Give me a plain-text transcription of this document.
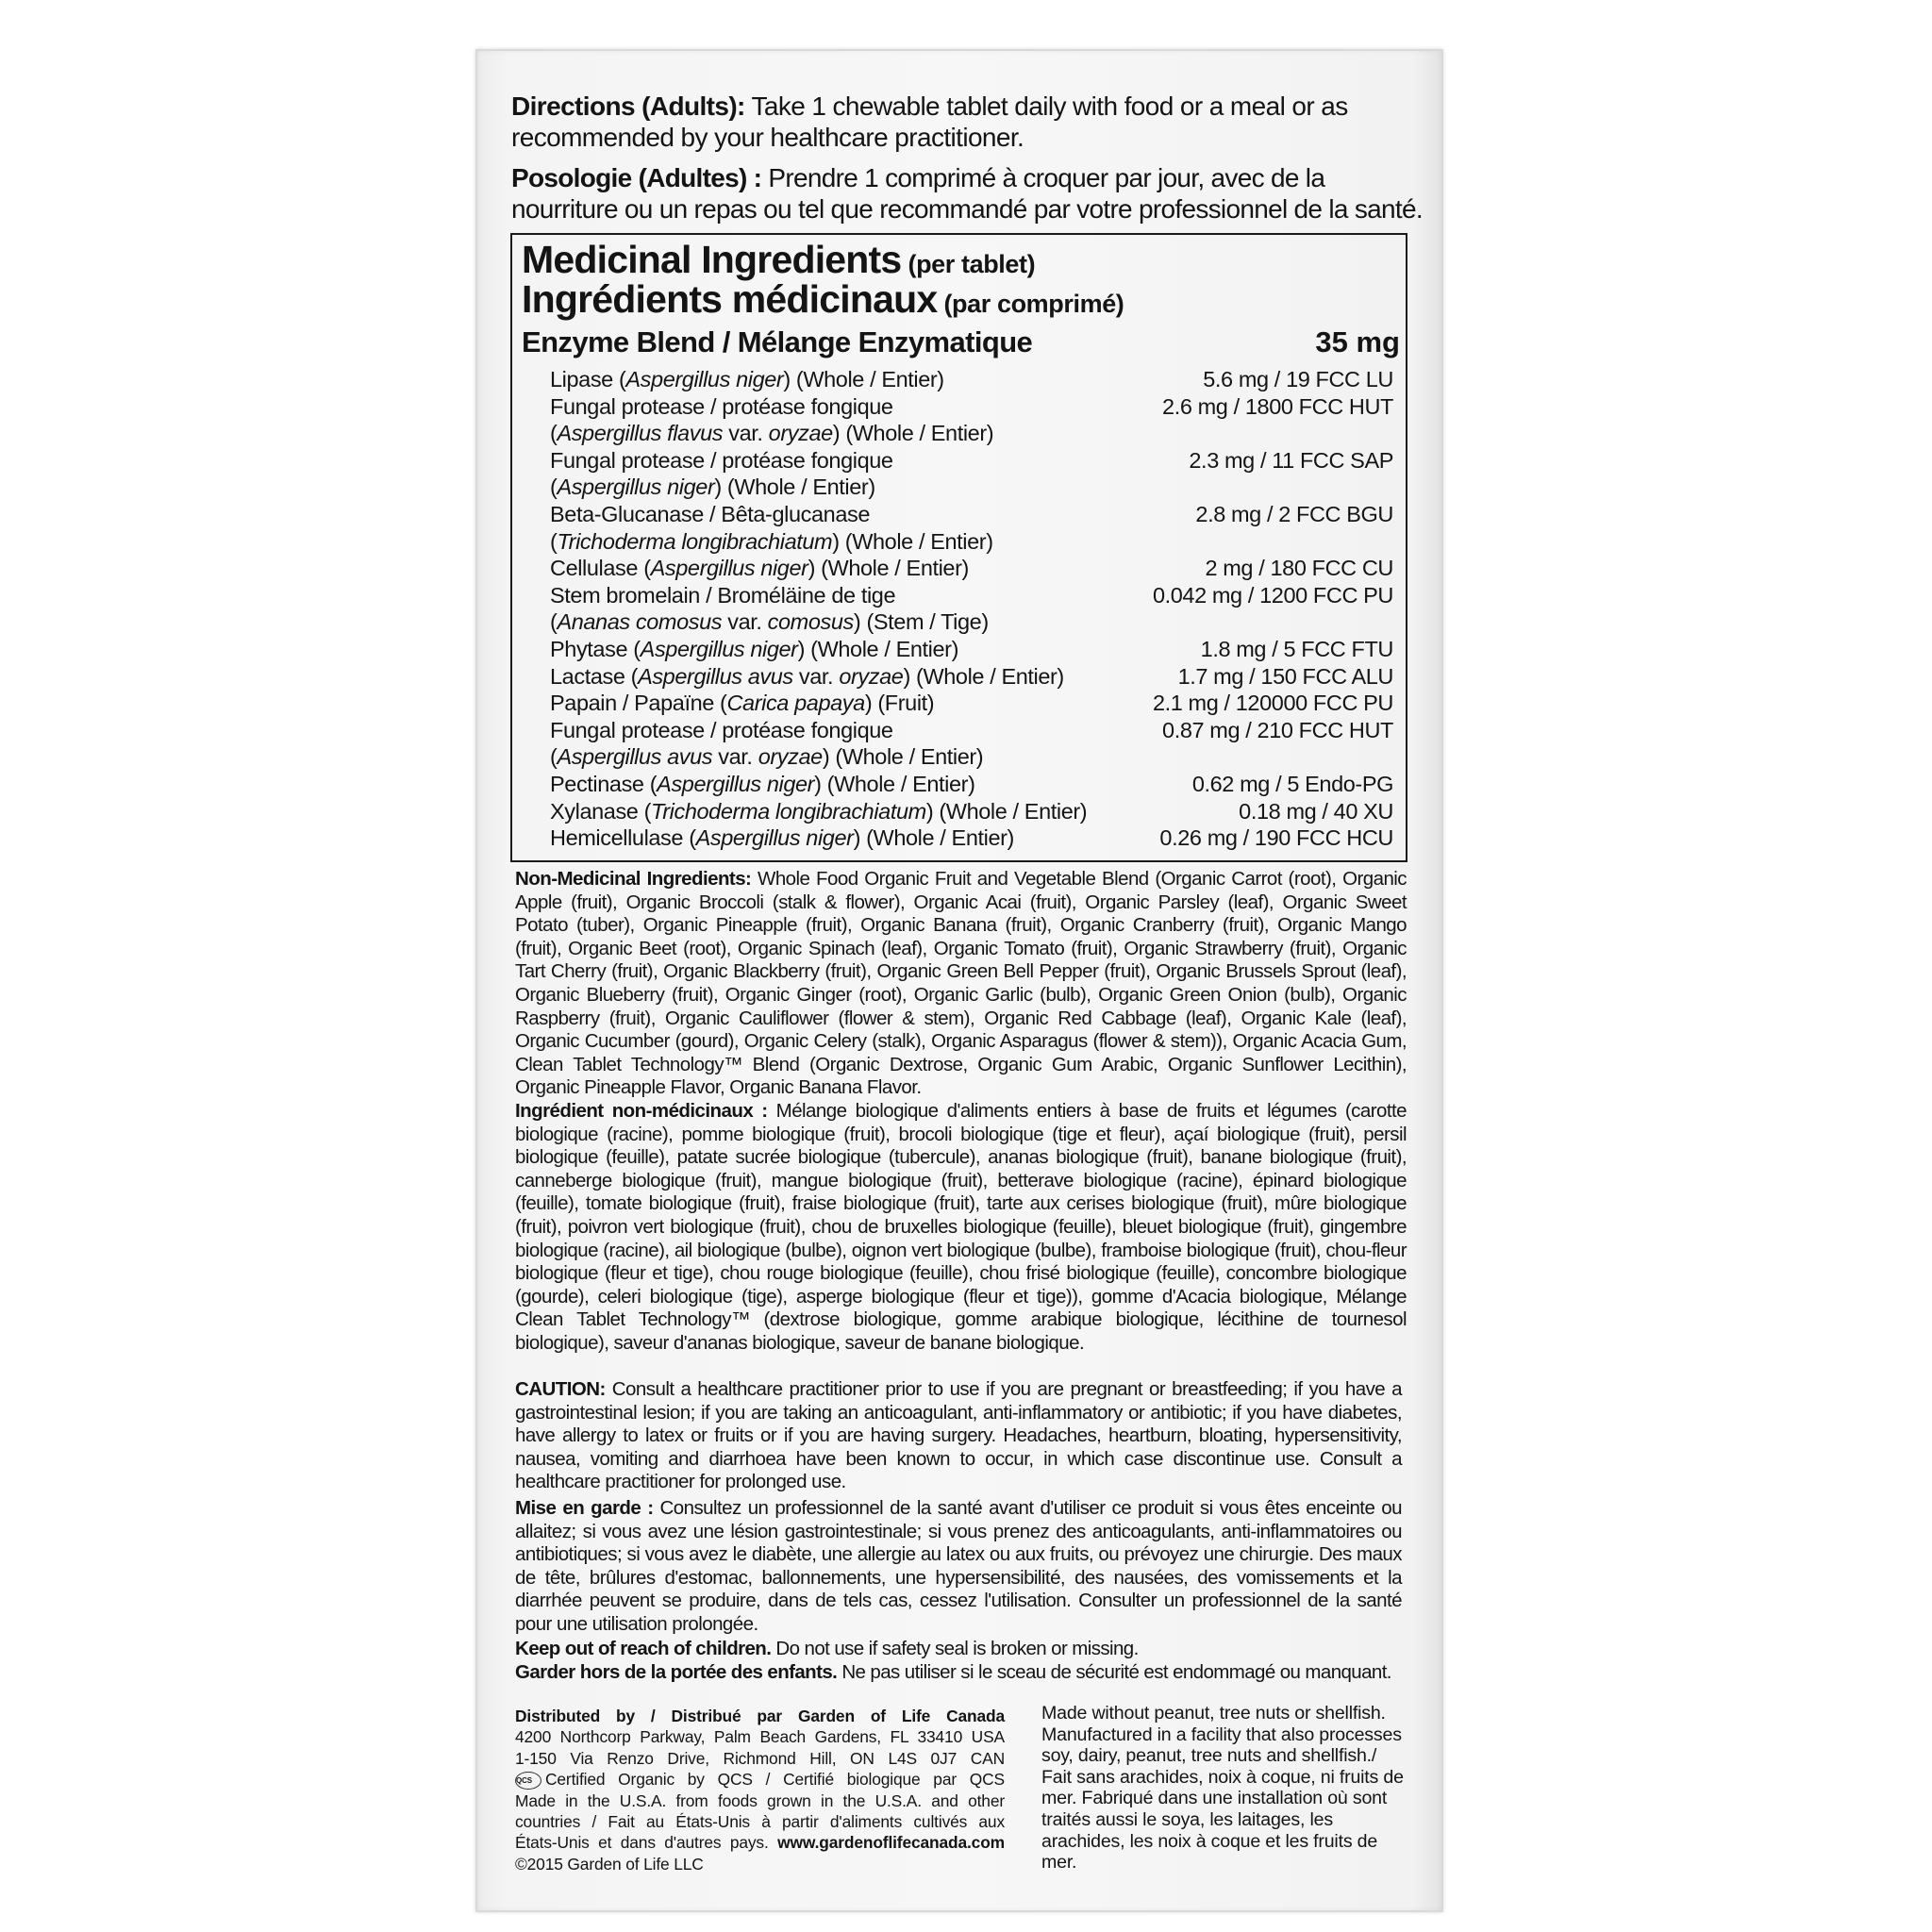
Directions (Adults): Take 1 chewable tablet daily with food or a meal or as recommended by your healthcare practitioner.
Posologie (Adultes) : Prendre 1 comprimé à croquer par jour, avec de la nourriture ou un repas ou tel que recommandé par votre professionnel de la santé.
Medicinal Ingredients (per tablet)
Ingrédients médicinaux (par comprimé)
Enzyme Blend / Mélange Enzymatique	35 mg
Lipase (Aspergillus niger) (Whole / Entier)	5.6 mg / 19 FCC LU
Fungal protease / protéase fongique	2.6 mg / 1800 FCC HUT
(Aspergillus flavus var. oryzae) (Whole / Entier)
Fungal protease / protéase fongique	2.3 mg / 11 FCC SAP
(Aspergillus niger) (Whole / Entier)
Beta-Glucanase / Bêta-glucanase	2.8 mg / 2 FCC BGU
(Trichoderma longibrachiatum) (Whole / Entier)
Cellulase (Aspergillus niger) (Whole / Entier)	2 mg / 180 FCC CU
Stem bromelain / Broméläine de tige	0.042 mg / 1200 FCC PU
(Ananas comosus var. comosus) (Stem / Tige)
Phytase (Aspergillus niger) (Whole / Entier)	1.8 mg / 5 FCC FTU
Lactase (Aspergillus avus var. oryzae) (Whole / Entier)	1.7 mg / 150 FCC ALU
Papain / Papaïne (Carica papaya) (Fruit)	2.1 mg / 120000 FCC PU
Fungal protease / protéase fongique	0.87 mg / 210 FCC HUT
(Aspergillus avus var. oryzae) (Whole / Entier)
Pectinase (Aspergillus niger) (Whole / Entier)	0.62 mg / 5 Endo-PG
Xylanase (Trichoderma longibrachiatum) (Whole / Entier)	0.18 mg / 40 XU
Hemicellulase (Aspergillus niger) (Whole / Entier)	0.26 mg / 190 FCC HCU
Non-Medicinal Ingredients: Whole Food Organic Fruit and Vegetable Blend (Organic Carrot (root), Organic Apple (fruit), Organic Broccoli (stalk & flower), Organic Acai (fruit), Organic Parsley (leaf), Organic Sweet Potato (tuber), Organic Pineapple (fruit), Organic Banana (fruit), Organic Cranberry (fruit), Organic Mango (fruit), Organic Beet (root), Organic Spinach (leaf), Organic Tomato (fruit), Organic Strawberry (fruit), Organic Tart Cherry (fruit), Organic Blackberry (fruit), Organic Green Bell Pepper (fruit), Organic Brussels Sprout (leaf), Organic Blueberry (fruit), Organic Ginger (root), Organic Garlic (bulb), Organic Green Onion (bulb), Organic Raspberry (fruit), Organic Cauliflower (flower & stem), Organic Red Cabbage (leaf), Organic Kale (leaf), Organic Cucumber (gourd), Organic Celery (stalk), Organic Asparagus (flower & stem)), Organic Acacia Gum, Clean Tablet Technology™ Blend (Organic Dextrose, Organic Gum Arabic, Organic Sunflower Lecithin), Organic Pineapple Flavor, Organic Banana Flavor.
Ingrédient non-médicinaux : Mélange biologique d'aliments entiers à base de fruits et légumes (carotte biologique (racine), pomme biologique (fruit), brocoli biologique (tige et fleur), açaí biologique (fruit), persil biologique (feuille), patate sucrée biologique (tubercule), ananas biologique (fruit), banane biologique (fruit), canneberge biologique (fruit), mangue biologique (fruit), betterave biologique (racine), épinard biologique (feuille), tomate biologique (fruit), fraise biologique (fruit), tarte aux cerises biologique (fruit), mûre biologique (fruit), poivron vert biologique (fruit), chou de bruxelles biologique (feuille), bleuet biologique (fruit), gingembre biologique (racine), ail biologique (bulbe), oignon vert biologique (bulbe), framboise biologique (fruit), chou-fleur biologique (fleur et tige), chou rouge biologique (feuille), chou frisé biologique (feuille), concombre biologique (gourde), celeri biologique (tige), asperge biologique (fleur et tige)), gomme d'Acacia biologique, Mélange Clean Tablet Technology™ (dextrose biologique, gomme arabique biologique, lécithine de tournesol biologique), saveur d'ananas biologique, saveur de banane biologique.
CAUTION: Consult a healthcare practitioner prior to use if you are pregnant or breastfeeding; if you have a gastrointestinal lesion; if you are taking an anticoagulant, anti-inflammatory or antibiotic; if you have diabetes, have allergy to latex or fruits or if you are having surgery. Headaches, heartburn, bloating, hypersensitivity, nausea, vomiting and diarrhoea have been known to occur, in which case discontinue use. Consult a healthcare practitioner for prolonged use.
Mise en garde : Consultez un professionnel de la santé avant d'utiliser ce produit si vous êtes enceinte ou allaitez; si vous avez une lésion gastrointestinale; si vous prenez des anticoagulants, anti-inflammatoires ou antibiotiques; si vous avez le diabète, une allergie au latex ou aux fruits, ou prévoyez une chirurgie. Des maux de tête, brûlures d'estomac, ballonnements, une hypersensibilité, des nausées, des vomissements et la diarrhée peuvent se produire, dans de tels cas, cessez l'utilisation. Consulter un professionnel de la santé pour une utilisation prolongée.
Keep out of reach of children. Do not use if safety seal is broken or missing.
Garder hors de la portée des enfants. Ne pas utiliser si le sceau de sécurité est endommagé ou manquant.
Distributed by / Distribué par Garden of Life Canada
4200 Northcorp Parkway, Palm Beach Gardens, FL 33410 USA
1-150 Via Renzo Drive, Richmond Hill, ON L4S 0J7 CAN
QCS Certified Organic by QCS / Certifié biologique par QCS
Made in the U.S.A. from foods grown in the U.S.A. and other
countries / Fait au États-Unis à partir d'aliments cultivés aux
États-Unis et dans d'autres pays. www.gardenoflifecanada.com
©2015 Garden of Life LLC
Made without peanut, tree nuts or shellfish. Manufactured in a facility that also processes soy, dairy, peanut, tree nuts and shellfish./ Fait sans arachides, noix à coque, ni fruits de mer. Fabriqué dans une installation où sont traités aussi le soya, les laitages, les arachides, les noix à coque et les fruits de mer.
